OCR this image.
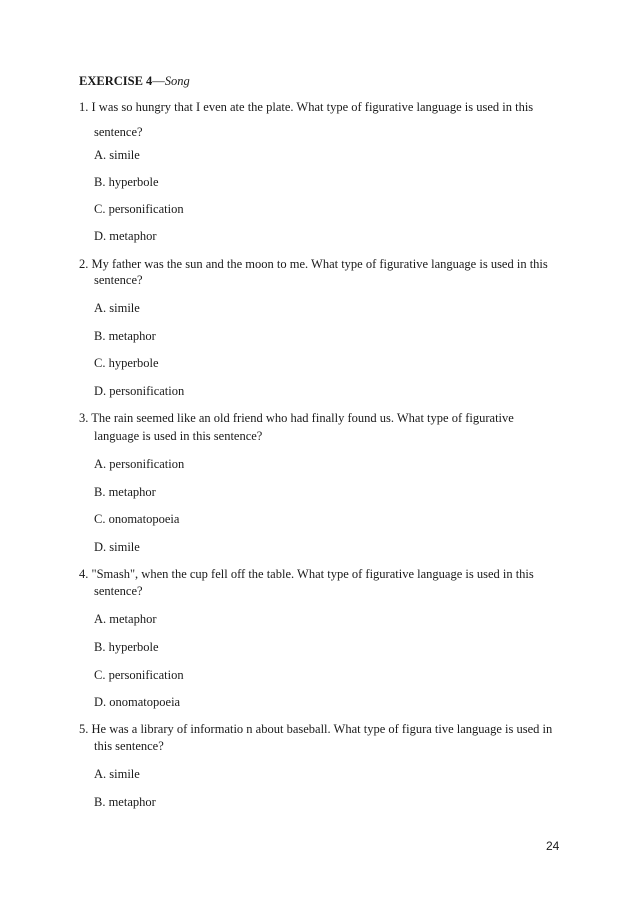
EXERCISE 4—Song
1. I was so hungry that I even ate the plate. What type of figurative language is used in this
sentence?
A. simile
B. hyperbole
C. personification
D. metaphor
2. My father was the sun and the moon to me. What type of figurative language is used in this
sentence?
A. simile
B. metaphor
C. hyperbole
D. personification
3. The rain seemed like an old friend who had finally found us. What type of figurative
language is used in this sentence?
A. personification
B. metaphor
C. onomatopoeia
D. simile
4. "Smash", when the cup fell off the table. What type of figurative language is used in this
sentence?
A. metaphor
B. hyperbole
C. personification
D. onomatopoeia
5. He was a library of informatio n about baseball. What type of figura tive language is used in
this sentence?
A. simile
B. metaphor
24
